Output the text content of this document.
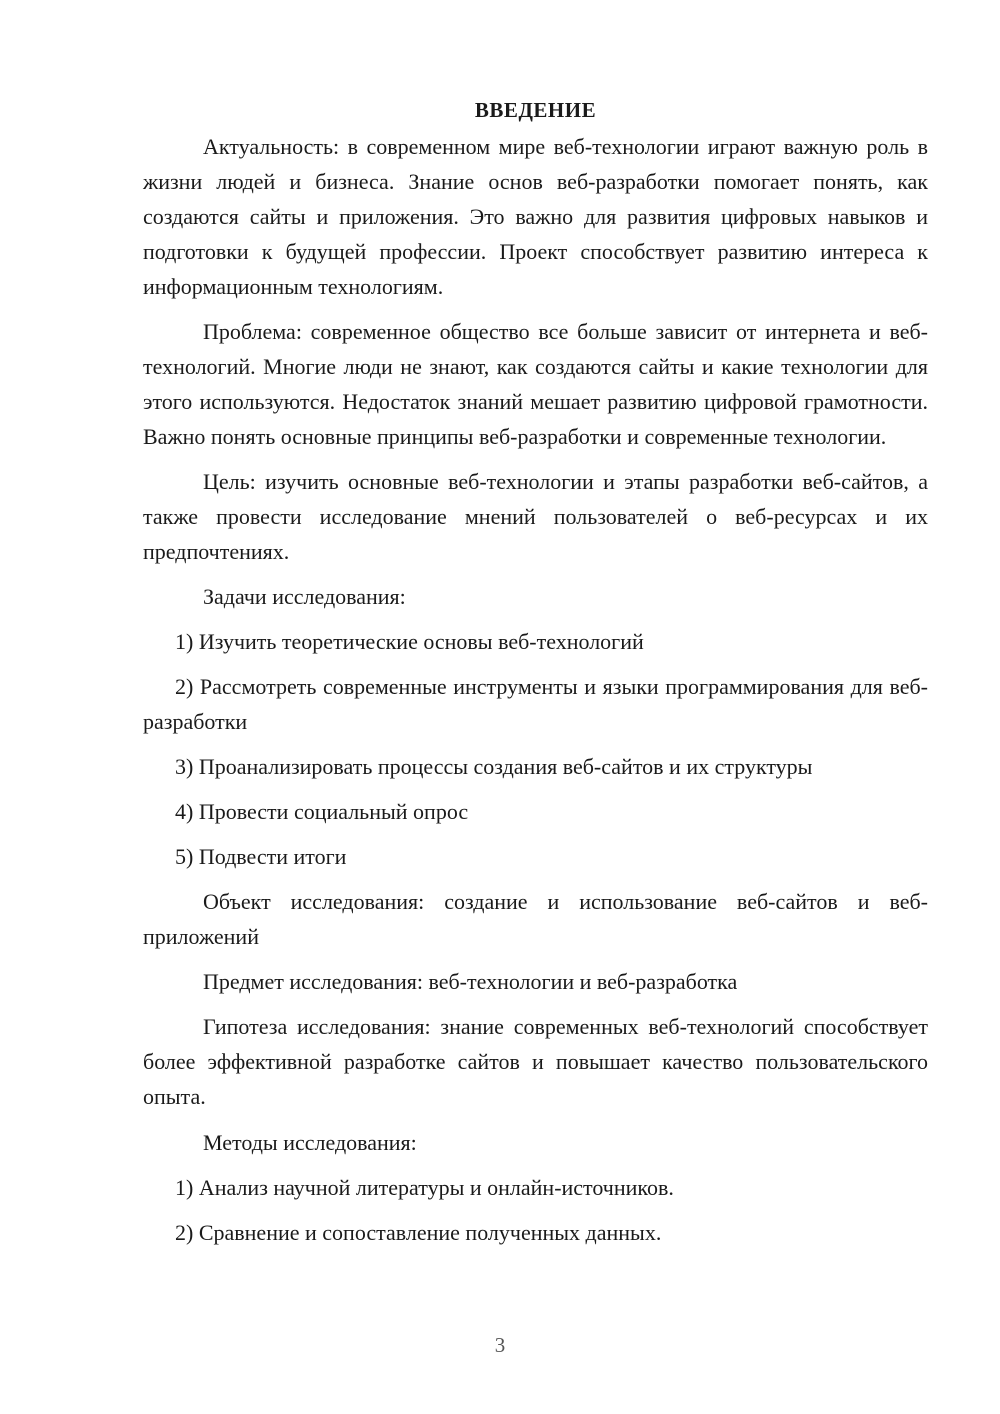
ВВЕДЕНИЕ

Актуальность: в современном мире веб-технологии играют важную роль в жизни людей и бизнеса. Знание основ веб-разработки помогает понять, как создаются сайты и приложения. Это важно для развития цифровых навыков и подготовки к будущей профессии. Проект способствует развитию интереса к информационным технологиям.

Проблема: современное общество все больше зависит от интернета и веб-технологий. Многие люди не знают, как создаются сайты и какие технологии для этого используются. Недостаток знаний мешает развитию цифровой грамотности. Важно понять основные принципы веб-разработки и современные технологии.

Цель: изучить основные веб-технологии и этапы разработки веб-сайтов, а также провести исследование мнений пользователей о веб-ресурсах и их предпочтениях.

Задачи исследования:

1) Изучить теоретические основы веб-технологий

2) Рассмотреть современные инструменты и языки программирования для веб-разработки

3) Проанализировать процессы создания веб-сайтов и их структуры

4) Провести социальный опрос

5) Подвести итоги

Объект исследования: создание и использование веб-сайтов и веб-приложений

Предмет исследования: веб-технологии и веб-разработка

Гипотеза исследования: знание современных веб-технологий способствует более эффективной разработке сайтов и повышает качество пользовательского опыта.

Методы исследования:

1) Анализ научной литературы и онлайн-источников.

2) Сравнение и сопоставление полученных данных.

3
